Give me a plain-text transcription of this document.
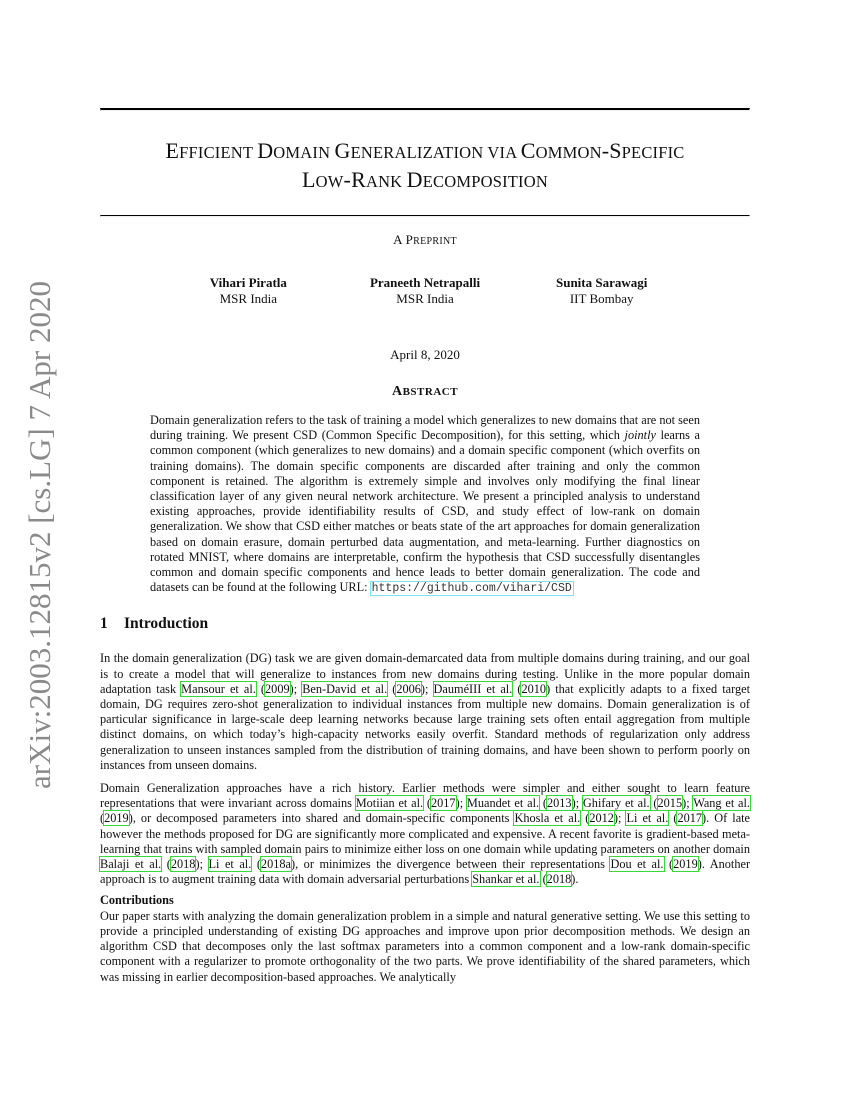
arXiv:2003.12815v2 [cs.LG] 7 Apr 2020
EFFICIENT DOMAIN GENERALIZATION VIA COMMON-SPECIFIC
LOW-RANK DECOMPOSITION
A PREPRINT
Vihari Piratla
MSR India
Praneeth Netrapalli
MSR India
Sunita Sarawagi
IIT Bombay
April 8, 2020
ABSTRACT
Domain generalization refers to the task of training a model which generalizes to new domains that are not seen during training. We present CSD (Common Specific Decomposition), for this setting, which jointly learns a common component (which generalizes to new domains) and a domain specific component (which overfits on training domains). The domain specific components are discarded after training and only the common component is retained. The algorithm is extremely simple and involves only modifying the final linear classification layer of any given neural network architecture. We present a principled analysis to understand existing approaches, provide identifiability results of CSD, and study effect of low-rank on domain generalization. We show that CSD either matches or beats state of the art approaches for domain generalization based on domain erasure, domain perturbed data augmentation, and meta-learning. Further diagnostics on rotated MNIST, where domains are interpretable, confirm the hypothesis that CSD successfully disentangles common and domain specific components and hence leads to better domain generalization. The code and datasets can be found at the following URL: https://github.com/vihari/CSD
1 Introduction

In the domain generalization (DG) task we are given domain-demarcated data from multiple domains during training, and our goal is to create a model that will generalize to instances from new domains during testing. Unlike in the more popular domain adaptation task Mansour et al. (2009); Ben-David et al. (2006); DauméIII et al. (2010) that explicitly adapts to a fixed target domain, DG requires zero-shot generalization to individual instances from multiple new domains. Domain generalization is of particular significance in large-scale deep learning networks because large training sets often entail aggregation from multiple distinct domains, on which today’s high-capacity networks easily overfit. Standard methods of regularization only address generalization to unseen instances sampled from the distribution of training domains, and have been shown to perform poorly on instances from unseen domains.

Domain Generalization approaches have a rich history. Earlier methods were simpler and either sought to learn feature representations that were invariant across domains Motiian et al. (2017); Muandet et al. (2013); Ghifary et al. (2015); Wang et al. (2019), or decomposed parameters into shared and domain-specific components Khosla et al. (2012); Li et al. (2017). Of late however the methods proposed for DG are significantly more complicated and expensive. A recent favorite is gradient-based meta-learning that trains with sampled domain pairs to minimize either loss on one domain while updating parameters on another domain Balaji et al. (2018); Li et al. (2018a), or minimizes the divergence between their representations Dou et al. (2019). Another approach is to augment training data with domain adversarial perturbations Shankar et al. (2018).

Contributions

Our paper starts with analyzing the domain generalization problem in a simple and natural generative setting. We use this setting to provide a principled understanding of existing DG approaches and improve upon prior decomposition methods. We design an algorithm CSD that decomposes only the last softmax parameters into a common component and a low-rank domain-specific component with a regularizer to promote orthogonality of the two parts. We prove identifiability of the shared parameters, which was missing in earlier decomposition-based approaches. We analytically
